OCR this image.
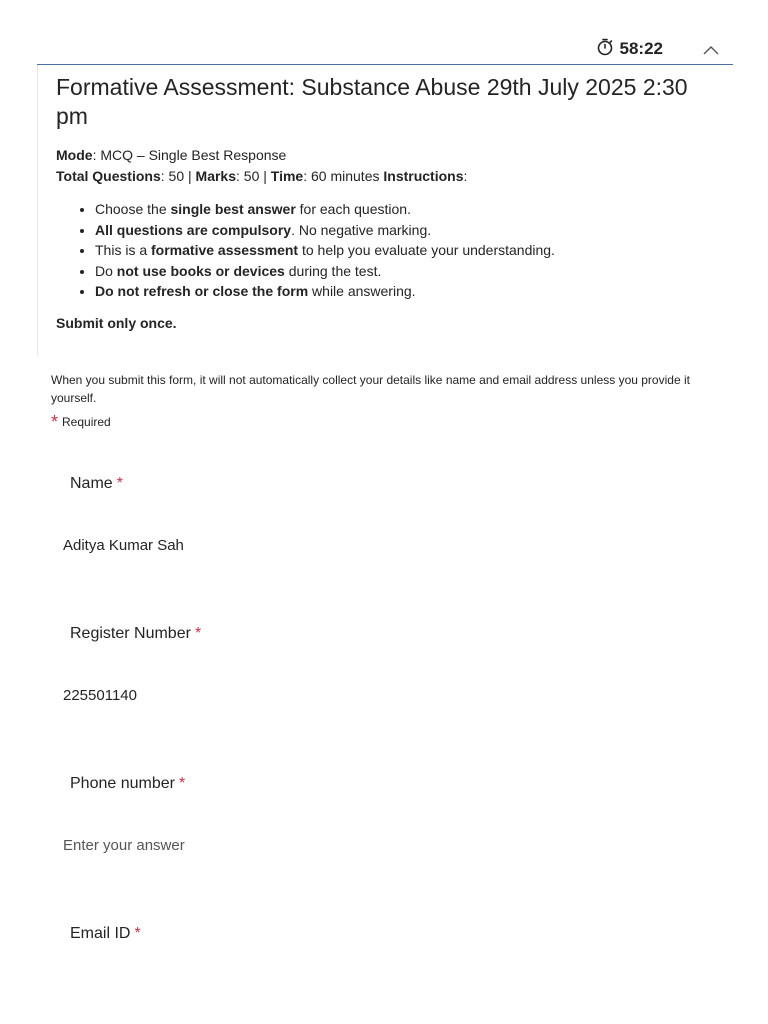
58:22
Formative Assessment: Substance Abuse 29th July 2025 2:30 pm
Mode: MCQ – Single Best Response
Total Questions: 50 | Marks: 50 | Time: 60 minutes Instructions:
• Choose the single best answer for each question.
• All questions are compulsory. No negative marking.
• This is a formative assessment to help you evaluate your understanding.
• Do not use books or devices during the test.
• Do not refresh or close the form while answering.
Submit only once.
When you submit this form, it will not automatically collect your details like name and email address unless you provide it yourself.
* Required
Name *
Aditya Kumar Sah
Register Number *
225501140
Phone number *
Enter your answer
Email ID *
